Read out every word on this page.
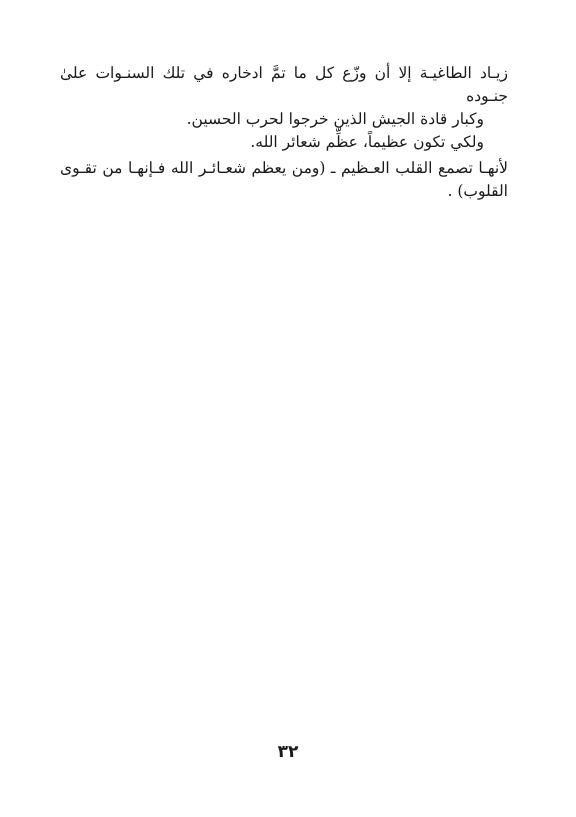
زيـاد الطاغيـة إلا أن وزّع كل ما تمَّ ادخاره في تلك السنـوات علىٰ جنـوده
وكبار قادة الجيش الذين خرجوا لحرب الحسين.
ولكي تكون عظيماً، عظِّم شعائر الله.
لأنهـا تصمع القلب العـظيم ـ (ومن يعظم شعـائـر الله فـإنهـا من تقـوى
القلوب) .
٣٢
